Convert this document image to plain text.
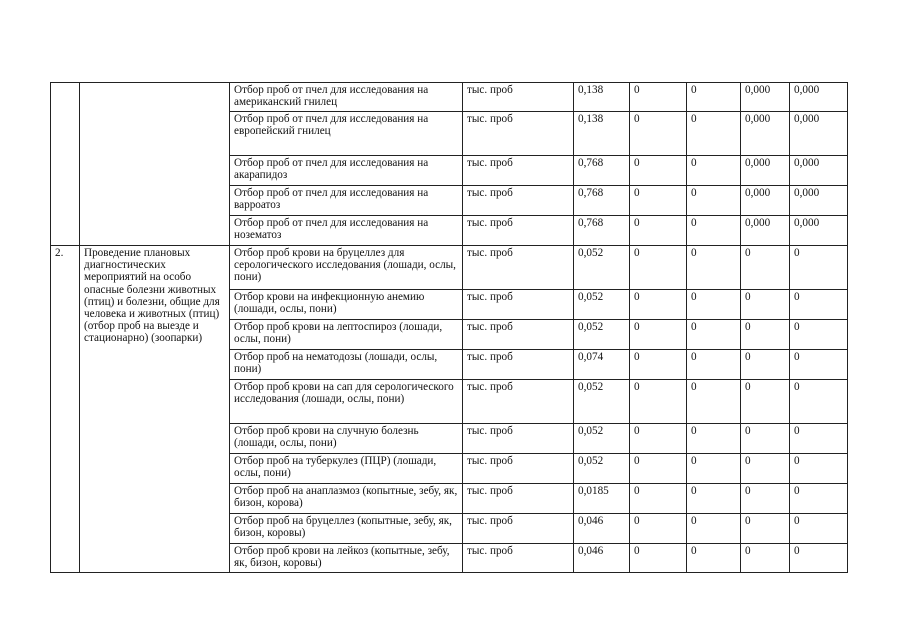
		Отбор проб от пчел для исследования на американский гнилец	тыс. проб	0,138	0	0	0,000	0,000
		Отбор проб от пчел для исследования на европейский гнилец	тыс. проб	0,138	0	0	0,000	0,000
		Отбор проб от пчел для исследования на акарапидоз	тыс. проб	0,768	0	0	0,000	0,000
		Отбор проб от пчел для исследования на варроатоз	тыс. проб	0,768	0	0	0,000	0,000
		Отбор проб от пчел для исследования на нозематоз	тыс. проб	0,768	0	0	0,000	0,000
2.	Проведение плановых диагностических мероприятий на особо опасные болезни животных (птиц) и болезни, общие для человека и животных (птиц) (отбор проб на выезде и стационарно) (зоопарки)	Отбор проб крови на бруцеллез для серологического исследования (лошади, ослы, пони)	тыс. проб	0,052	0	0	0	0
		Отбор крови на инфекционную анемию (лошади, ослы, пони)	тыс. проб	0,052	0	0	0	0
		Отбор проб крови на лептоспироз (лошади, ослы, пони)	тыс. проб	0,052	0	0	0	0
		Отбор проб на нематодозы (лошади, ослы, пони)	тыс. проб	0,074	0	0	0	0
		Отбор проб крови на сап для серологического исследования (лошади, ослы, пони)	тыс. проб	0,052	0	0	0	0
		Отбор проб крови на случную болезнь (лошади, ослы, пони)	тыс. проб	0,052	0	0	0	0
		Отбор проб на туберкулез (ПЦР) (лошади, ослы, пони)	тыс. проб	0,052	0	0	0	0
		Отбор проб на анаплазмоз (копытные, зебу, як, бизон, корова)	тыс. проб	0,0185	0	0	0	0
		Отбор проб на бруцеллез (копытные, зебу, як, бизон, коровы)	тыс. проб	0,046	0	0	0	0
		Отбор проб крови на лейкоз (копытные, зебу, як, бизон, коровы)	тыс. проб	0,046	0	0	0	0
